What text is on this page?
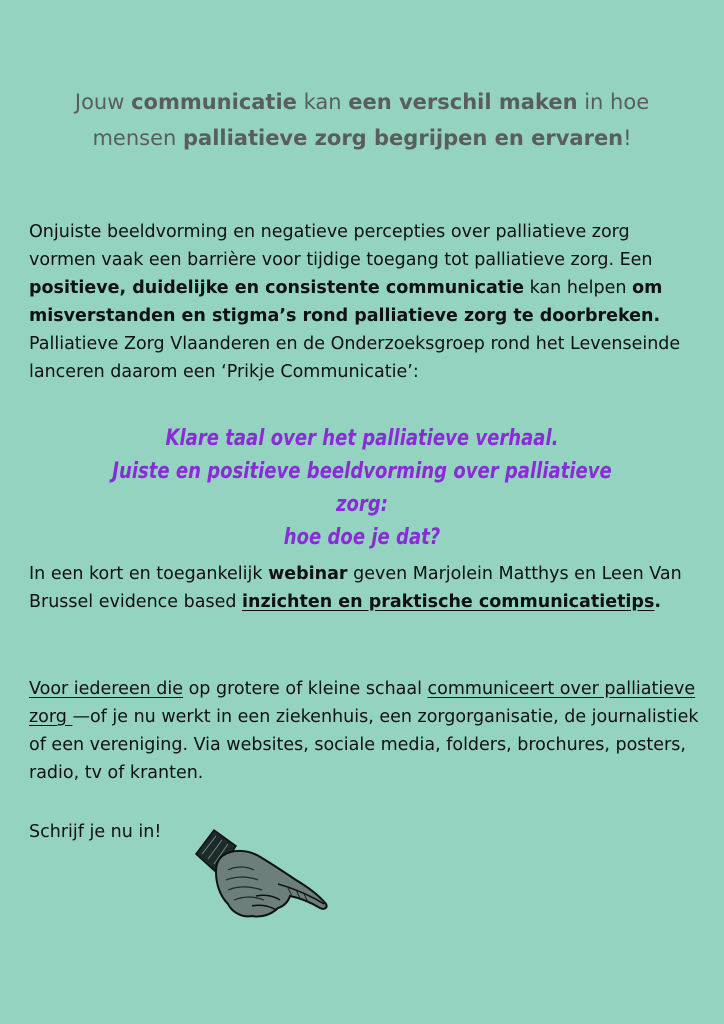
Jouw communicatie kan een verschil maken in hoe mensen palliatieve zorg begrijpen en ervaren!
Onjuiste beeldvorming en negatieve percepties over palliatieve zorg vormen vaak een barrière voor tijdige toegang tot palliatieve zorg. Een positieve, duidelijke en consistente communicatie kan helpen om misverstanden en stigma’s rond palliatieve zorg te doorbreken. Palliatieve Zorg Vlaanderen en de Onderzoeksgroep rond het Levenseinde lanceren daarom een ‘Prikje Communicatie’:
Klare taal over het palliatieve verhaal.
Juiste en positieve beeldvorming over palliatieve zorg:
hoe doe je dat?
In een kort en toegankelijk webinar geven Marjolein Matthys en Leen Van Brussel evidence based inzichten en praktische communicatietips.
Voor iedereen die op grotere of kleine schaal communiceert over palliatieve zorg —of je nu werkt in een ziekenhuis, een zorgorganisatie, de journalistiek of een vereniging. Via websites, sociale media, folders, brochures, posters, radio, tv of kranten.
Schrijf je nu in!
